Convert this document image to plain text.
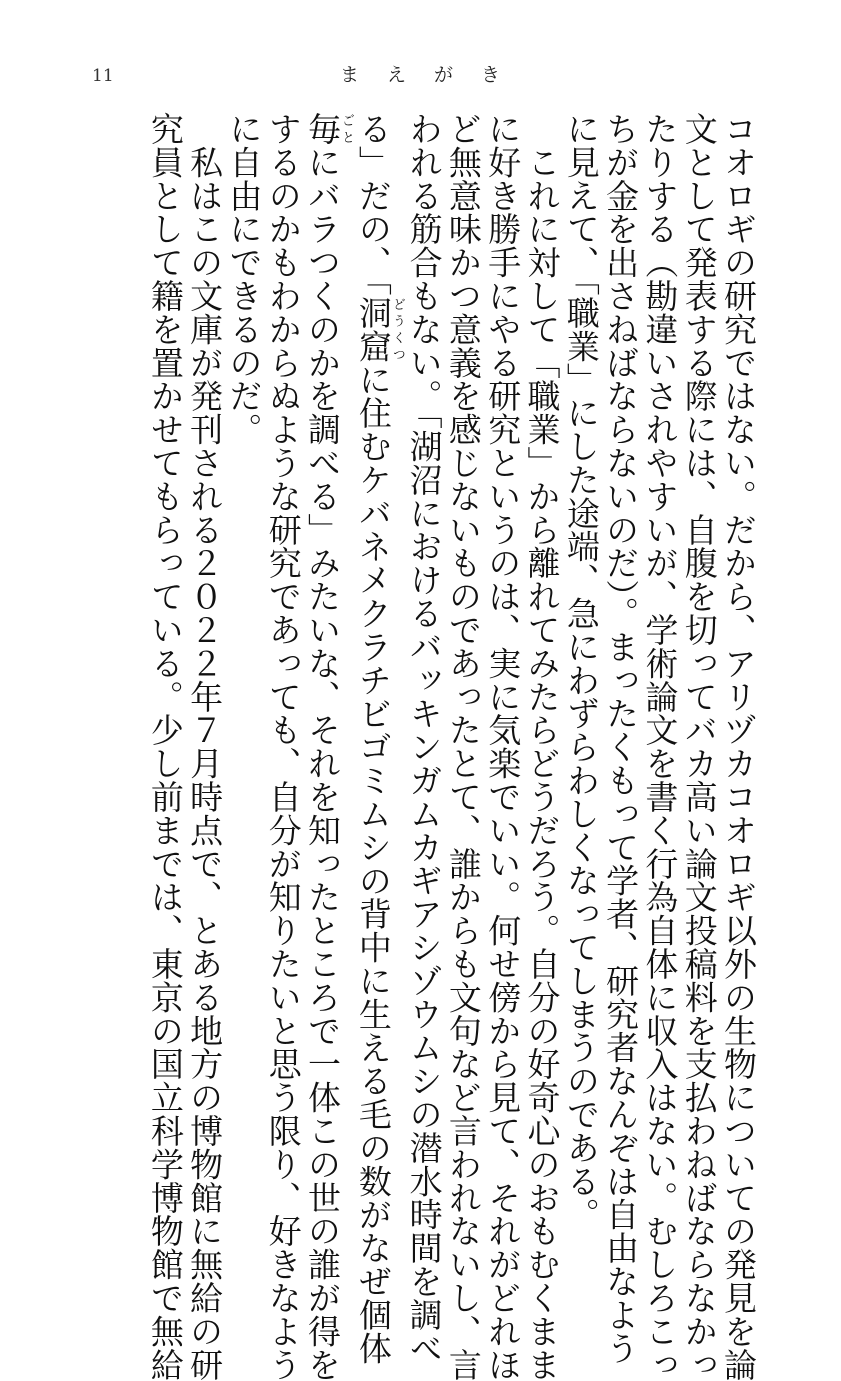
11	まえがき
コオロギの研究ではない。だから、アリヅカコオロギ以外の生物についての発見を論
文として発表する際には、自腹を切ってバカ高い論文投稿料を支払わねばならなかっ
たりする（勘違いされやすいが、学術論文を書く行為自体に収入はない。むしろこっ
ちが金を出さねばならないのだ）。まったくもって学者、研究者なんぞは自由なよう
に見えて、「職業」にした途端、急にわずらわしくなってしまうのである。
　これに対して「職業」から離れてみたらどうだろう。自分の好奇心のおもむくまま
に好き勝手にやる研究というのは、実に気楽でいい。何せ傍から見て、それがどれほ
ど無意味かつ意義を感じないものであったとて、誰からも文句など言われないし、言
われる筋合もない。「湖沼におけるバッキンガムカギアシゾウムシの潜水時間を調べ
る」だの、「洞窟どうくつに住むケバネメクラチビゴミムシの背中に生える毛の数がなぜ個体
毎ごとにバラつくのかを調べる」みたいな、それを知ったところで一体この世の誰が得を
するのかもわからぬような研究であっても、自分が知りたいと思う限り、好きなよう
に自由にできるのだ。
　私はこの文庫が発刊される２０２２年７月時点で、とある地方の博物館に無給の研
究員として籍を置かせてもらっている。少し前までは、東京の国立科学博物館で無給
